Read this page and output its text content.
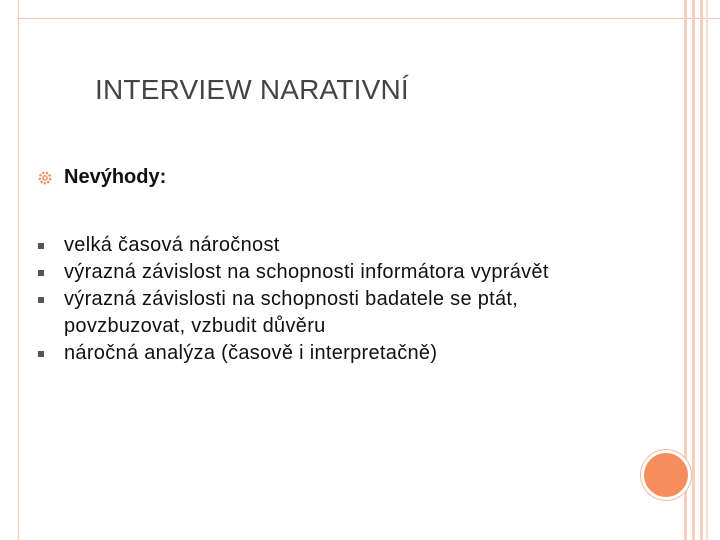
INTERVIEW NARATIVNÍ
Nevýhody:
velká časová náročnost
výrazná závislost na schopnosti informátora vyprávět
výrazná závislosti na schopnosti badatele se ptát, povzbuzovat, vzbudit důvěru
náročná analýza (časově i interpretačně)
